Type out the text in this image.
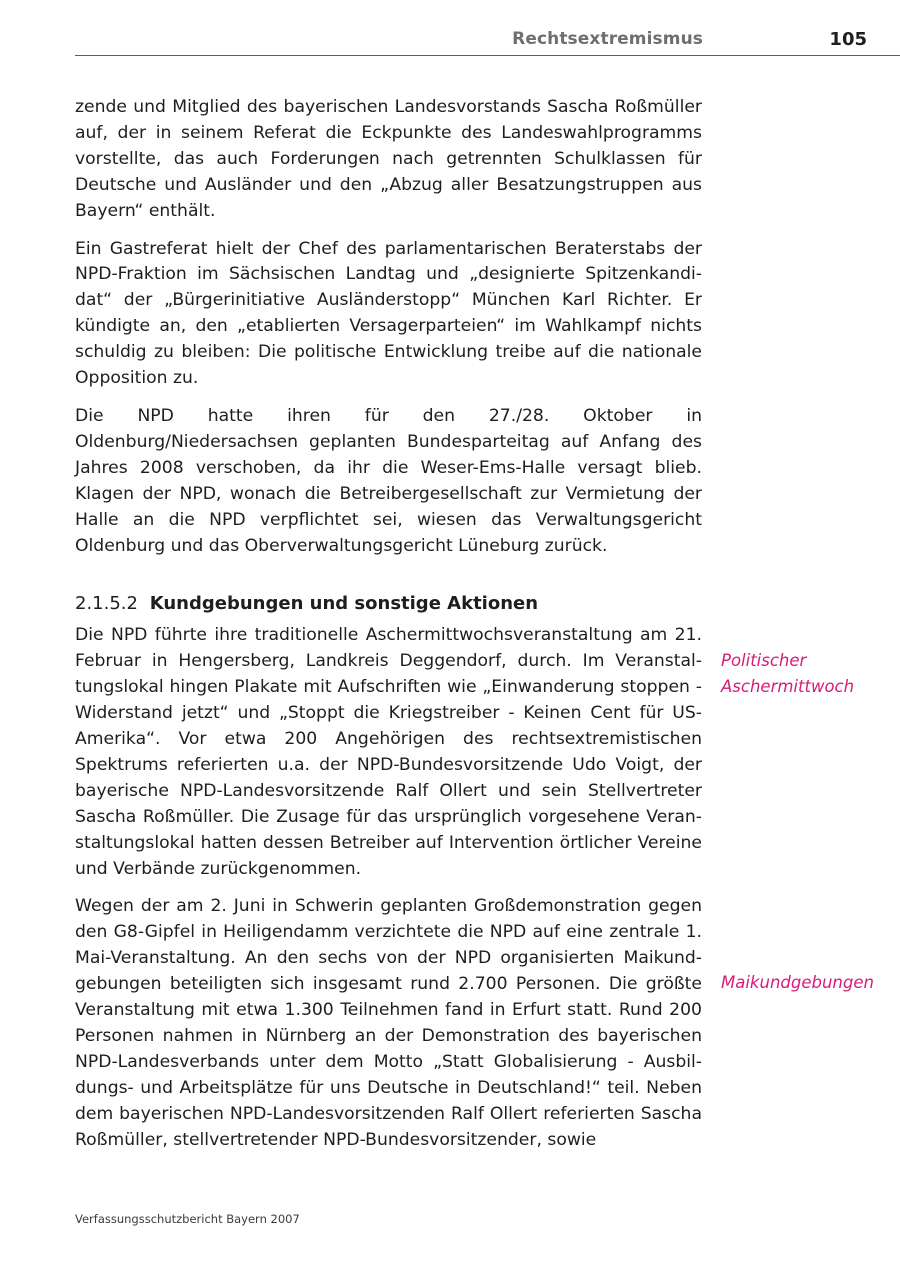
Rechtsextremismus	105

zende und Mitglied des bayerischen Landesvorstands Sascha Roßmüller auf, der in seinem Referat die Eckpunkte des Landeswahlprogramms vorstellte, das auch Forderungen nach getrennten Schulklassen für Deutsche und Ausländer und den „Abzug aller Besatzungstruppen aus Bayern“ enthält.

Ein Gastreferat hielt der Chef des parlamentarischen Beraterstabs der NPD-Fraktion im Sächsischen Landtag und „designierte Spitzenkandidat“ der „Bürgerinitiative Ausländerstopp“ München Karl Richter. Er kündigte an, den „etablierten Versagerparteien“ im Wahlkampf nichts schuldig zu bleiben: Die politische Entwicklung treibe auf die nationale Opposition zu.

Die NPD hatte ihren für den 27./28. Oktober in Oldenburg/Niedersachsen geplanten Bundesparteitag auf Anfang des Jahres 2008 verschoben, da ihr die Weser-Ems-Halle versagt blieb. Klagen der NPD, wonach die Betreibergesellschaft zur Vermietung der Halle an die NPD verpflichtet sei, wiesen das Verwaltungsgericht Oldenburg und das Oberverwaltungsgericht Lüneburg zurück.

2.1.5.2 Kundgebungen und sonstige Aktionen

Die NPD führte ihre traditionelle Aschermittwochsveranstaltung am 21. Februar in Hengersberg, Landkreis Deggendorf, durch. Im Veranstaltungslokal hingen Plakate mit Aufschriften wie „Einwanderung stoppen - Widerstand jetzt“ und „Stoppt die Kriegstreiber - Keinen Cent für US-Amerika“. Vor etwa 200 Angehörigen des rechtsextremistischen Spektrums referierten u.a. der NPD-Bundesvorsitzende Udo Voigt, der bayerische NPD-Landesvorsitzende Ralf Ollert und sein Stellvertreter Sascha Roßmüller. Die Zusage für das ursprünglich vorgesehene Veranstaltungslokal hatten dessen Betreiber auf Intervention örtlicher Vereine und Verbände zurückgenommen.

Wegen der am 2. Juni in Schwerin geplanten Großdemonstration gegen den G8-Gipfel in Heiligendamm verzichtete die NPD auf eine zentrale 1. Mai-Veranstaltung. An den sechs von der NPD organisierten Maikundgebungen beteiligten sich insgesamt rund 2.700 Personen. Die größte Veranstaltung mit etwa 1.300 Teilnehmen fand in Erfurt statt. Rund 200 Personen nahmen in Nürnberg an der Demonstration des bayerischen NPD-Landesverbands unter dem Motto „Statt Globalisierung - Ausbildungs- und Arbeitsplätze für uns Deutsche in Deutschland!“ teil. Neben dem bayerischen NPD-Landesvorsitzenden Ralf Ollert referierten Sascha Roßmüller, stellvertretender NPD-Bundesvorsitzender, sowie

Politischer
Aschermittwoch
Maikundgebungen
Verfassungsschutzbericht Bayern 2007
